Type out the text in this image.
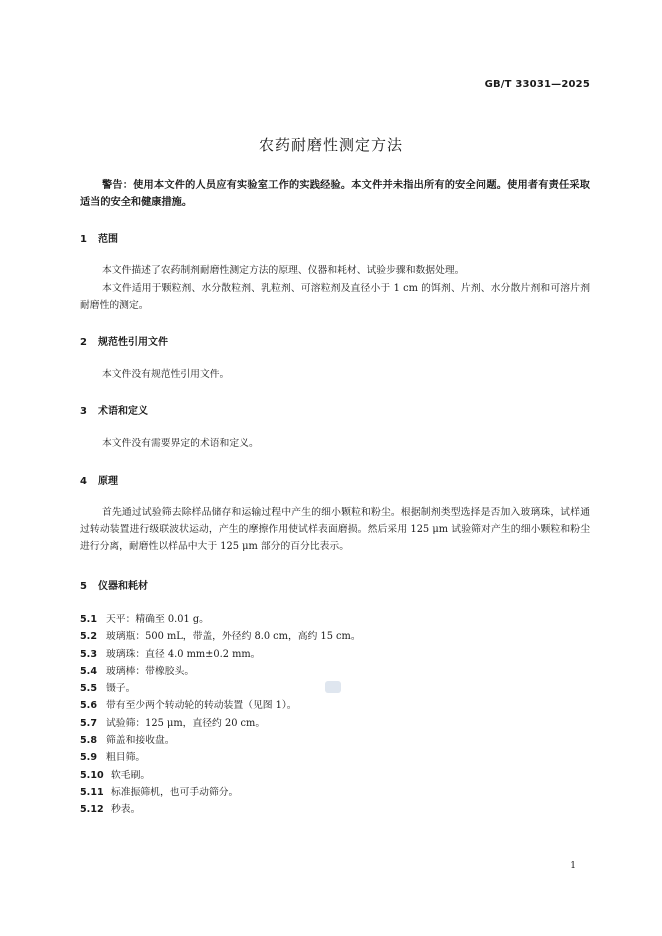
GB/T 33031—2025
农药耐磨性测定方法
警告：使用本文件的人员应有实验室工作的实践经验。本文件并未指出所有的安全问题。使用者有责任采取适当的安全和健康措施。
1 范围
本文件描述了农药制剂耐磨性测定方法的原理、仪器和耗材、试验步骤和数据处理。
本文件适用于颗粒剂、水分散粒剂、乳粒剂、可溶粒剂及直径小于 1 cm 的饵剂、片剂、水分散片剂和可溶片剂耐磨性的测定。
2 规范性引用文件
本文件没有规范性引用文件。
3 术语和定义
本文件没有需要界定的术语和定义。
4 原理
首先通过试验筛去除样品储存和运输过程中产生的细小颗粒和粉尘。根据制剂类型选择是否加入玻璃珠，试样通过转动装置进行级联波状运动，产生的摩擦作用使试样表面磨损。然后采用 125 μm 试验筛对产生的细小颗粒和粉尘进行分离，耐磨性以样品中大于 125 μm 部分的百分比表示。
5 仪器和耗材
5.1 天平：精确至 0.01 g。
5.2 玻璃瓶：500 mL，带盖，外径约 8.0 cm，高约 15 cm。
5.3 玻璃珠：直径 4.0 mm±0.2 mm。
5.4 玻璃棒：带橡胶头。
5.5 镊子。
5.6 带有至少两个转动轮的转动装置（见图 1）。
5.7 试验筛：125 μm，直径约 20 cm。
5.8 筛盖和接收盘。
5.9 粗目筛。
5.10 软毛刷。
5.11 标准振筛机，也可手动筛分。
5.12 秒表。
1
